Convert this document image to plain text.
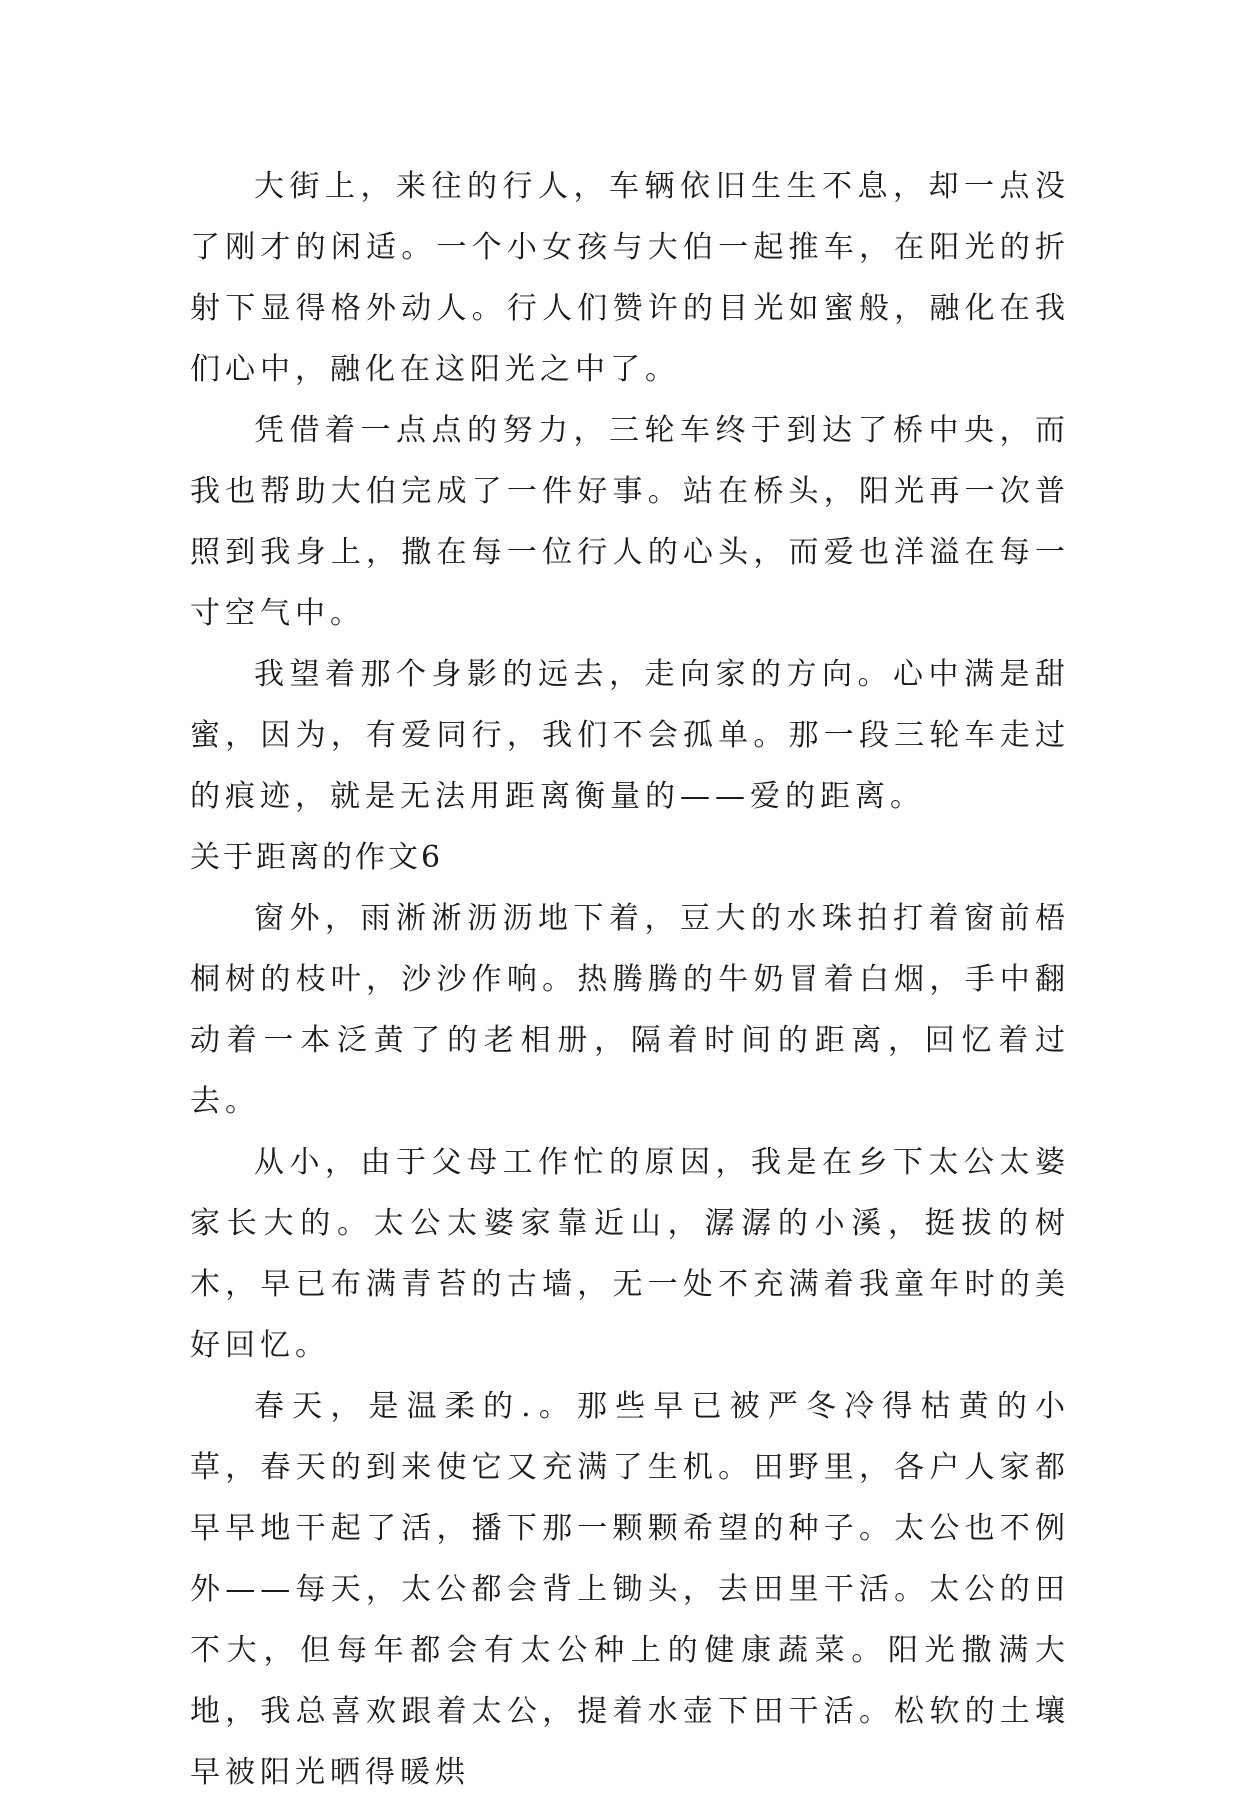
大街上，来往的行人，车辆依旧生生不息，却一点没了刚才的闲适。一个小女孩与大伯一起推车，在阳光的折射下显得格外动人。行人们赞许的目光如蜜般，融化在我们心中，融化在这阳光之中了。

凭借着一点点的努力，三轮车终于到达了桥中央，而我也帮助大伯完成了一件好事。站在桥头，阳光再一次普照到我身上，撒在每一位行人的心头，而爱也洋溢在每一寸空气中。

我望着那个身影的远去，走向家的方向。心中满是甜蜜，因为，有爱同行，我们不会孤单。那一段三轮车走过的痕迹，就是无法用距离衡量的——爱的距离。

关于距离的作文6

窗外，雨淅淅沥沥地下着，豆大的水珠拍打着窗前梧桐树的枝叶，沙沙作响。热腾腾的牛奶冒着白烟，手中翻动着一本泛黄了的老相册，隔着时间的距离，回忆着过去。

从小，由于父母工作忙的原因，我是在乡下太公太婆家长大的。太公太婆家靠近山，潺潺的小溪，挺拔的树木，早已布满青苔的古墙，无一处不充满着我童年时的美好回忆。

春天，是温柔的.。那些早已被严冬冷得枯黄的小草，春天的到来使它又充满了生机。田野里，各户人家都早早地干起了活，播下那一颗颗希望的种子。太公也不例外——每天，太公都会背上锄头，去田里干活。太公的田不大，但每年都会有太公种上的健康蔬菜。阳光撒满大地，我总喜欢跟着太公，提着水壶下田干活。松软的土壤早被阳光晒得暖烘
